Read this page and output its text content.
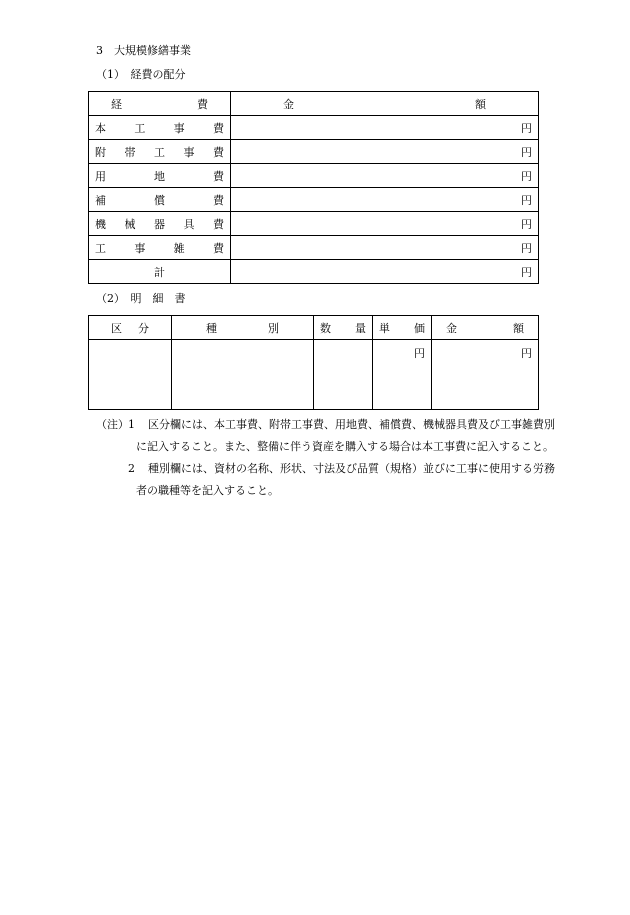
3　大規模修繕事業
（1）　経費の配分
経 費	金 額

本 工 事 費	円

附 帯 工 事 費	円

用 地 費	円

補 償 費	円

機 械 器 具 費	円

工 事 雑 費	円

計	円
（2）　明　細　書
区 分	種 別	数 量	単 価	金 額

			円	円
（注） 1 区分欄には、本工事費、附帯工事費、用地費、補償費、機械器具費及び工事雑費別
に記入すること。また、整備に伴う資産を購入する場合は本工事費に記入すること。
2 種別欄には、資材の名称、形状、寸法及び品質（規格）並びに工事に使用する労務
者の職種等を記入すること。
